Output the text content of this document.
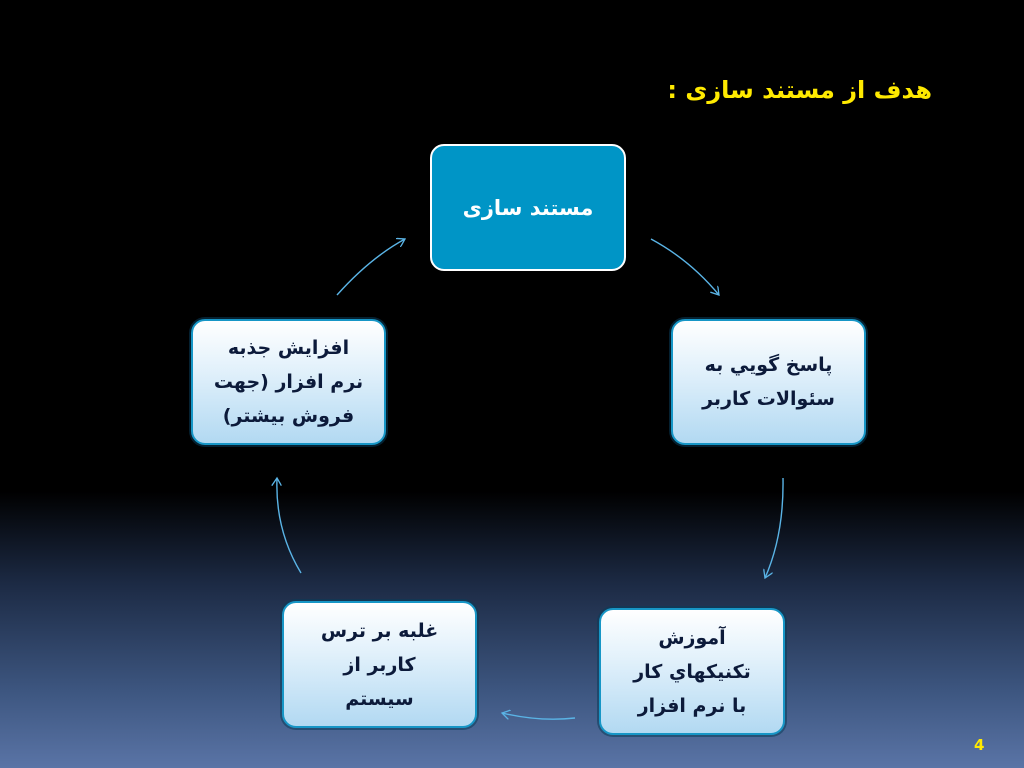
هدف از مستند سازی :
مستند سازی
پاسخ گويي به
سئوالات كاربر
آموزش
تكنيكهاي كار
با نرم افزار
غلبه بر ترس
كاربر از
سیستم
افزايش جذبه
نرم افزار (جهت
فروش بيشتر)
4
